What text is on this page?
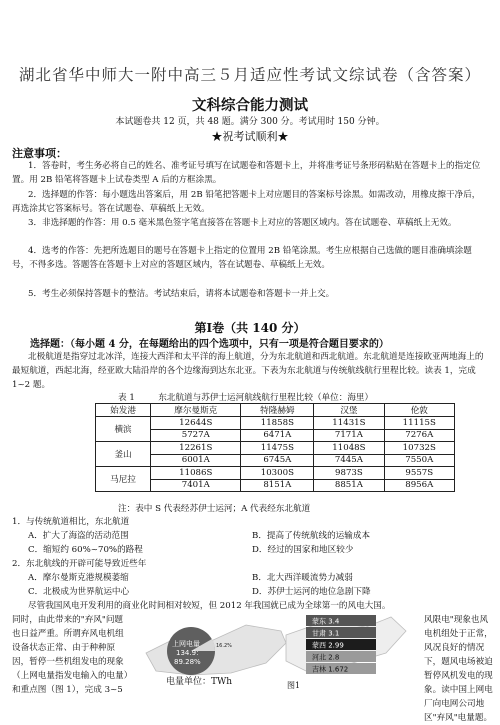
湖北省华中师大一附中高三５月适应性考试文综试卷（含答案）
文科综合能力测试
本试题卷共 12 页，共 48 题。满分 300 分。考试用时 150 分钟。
★祝考试顺利★
注意事项：
1．答卷时，考生务必将自己的姓名、准考证号填写在试题卷和答题卡上，并将准考证号条形码粘贴在答题卡上的指定位置。用 2B 铅笔将答题卡上试卷类型 A 后的方框涂黑。
2．选择题的作答：每小题选出答案后，用 2B 铅笔把答题卡上对应题目的答案标号涂黑。如需改动，用橡皮擦干净后，再选涂其它答案标号。答在试题卷、草稿纸上无效。
3．非选择题的作答：用 0.5 毫米黑色签字笔直接答在答题卡上对应的答题区域内。答在试题卷、草稿纸上无效。
4．选考的作答：先把所选题目的题号在答题卡上指定的位置用 2B 铅笔涂黑。考生应根据自己选做的题目准确填涂题号，不得多选。答题答在答题卡上对应的答题区域内，答在试题卷、草稿纸上无效。
5．考生必须保持答题卡的整洁。考试结束后，请将本试题卷和答题卡一并上交。
第Ⅰ卷（共 140 分）
选择题：（每小题 4 分，在每题给出的四个选项中，只有一项是符合题目要求的）
北极航道是指穿过北冰洋，连接大西洋和太平洋的海上航道，分为东北航道和西北航道。东北航道是连接欧亚两地海上的最短航道，西起北海，经亚欧大陆沿岸的各个边缘海到达东北亚。下表为东北航道与传统航线航行里程比较。读表 1，完成 1~2 题。
表 1	东北航道与苏伊士运河航线航行里程比较（单位：海里）
始发港	摩尔曼斯克	特隆赫姆	汉堡	伦敦
横滨	12644S	11858S	11431S	11115S
	5727A	6471A	7171A	7276A
釜山	12261S	11475S	11048S	10732S
	6001A	6745A	7445A	7550A
马尼拉	11086S	10300S	9873S	9557S
	7401A	8151A	8851A	8956A
注：表中 S 代表经苏伊士运河；A 代表经东北航道
1．与传统航道相比，东北航道
A．扩大了海盗的活动范围	B．提高了传统航线的运输成本
C．缩短约 60%~70%的路程	D．经过的国家和地区较少
2．东北航线的开辟可能导致近些年
A．摩尔曼斯克港规模萎缩	B．北大西洋暖流势力减弱
C．北极成为世界航运中心	D．苏伊士运河的地位急剧下降
尽管我国风电开发利用的商业化时间相对较短，但 2012 年我国就已成为全球第一的风电大国。
同时，由此带来的"弃风"问题也日益严重。所谓弃风电机组设备状态正常、由于种种原因，暂停一些机组发电的现象（上网电量指发电输入的电量）和重点图（图 1），完成 3~5
风限电"现象也风电机组处于正常，风况良好的情况下，题风电场被迫暂停风机发电的现象。读中国上网电厂向电网公司地区"弃风"电量题。
上网电量
134.9：
89.28%
16.2%
蒙东 3.4
甘肃 3.1
蒙西 2.99
河北 2.8
吉林 1.672
电量单位：TWh	图1
